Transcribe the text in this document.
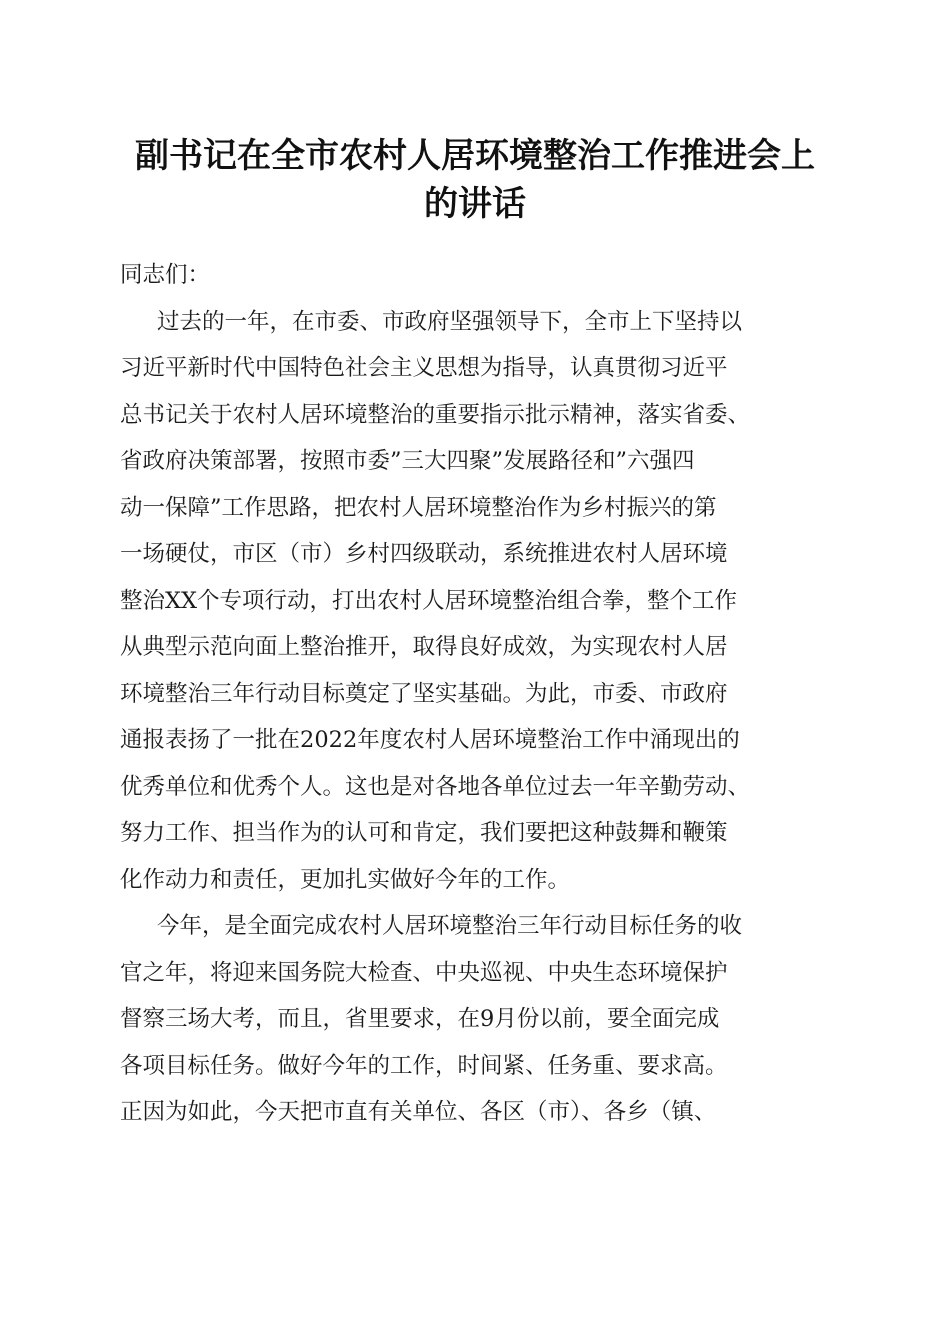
副书记在全市农村人居环境整治工作推进会上
的讲话
同志们：
过去的一年，在市委、市政府坚强领导下，全市上下坚持以
习近平新时代中国特色社会主义思想为指导，认真贯彻习近平
总书记关于农村人居环境整治的重要指示批示精神，落实省委、
省政府决策部署，按照市委”三大四聚”发展路径和”六强四
动一保障”工作思路，把农村人居环境整治作为乡村振兴的第
一场硬仗，市区（市）乡村四级联动，系统推进农村人居环境
整治XX个专项行动，打出农村人居环境整治组合拳，整个工作
从典型示范向面上整治推开，取得良好成效，为实现农村人居
环境整治三年行动目标奠定了坚实基础。为此，市委、市政府
通报表扬了一批在2022年度农村人居环境整治工作中涌现出的
优秀单位和优秀个人。这也是对各地各单位过去一年辛勤劳动、
努力工作、担当作为的认可和肯定，我们要把这种鼓舞和鞭策
化作动力和责任，更加扎实做好今年的工作。
今年，是全面完成农村人居环境整治三年行动目标任务的收
官之年，将迎来国务院大检查、中央巡视、中央生态环境保护
督察三场大考，而且，省里要求，在9月份以前，要全面完成
各项目标任务。做好今年的工作，时间紧、任务重、要求高。
正因为如此，今天把市直有关单位、各区（市）、各乡（镇、
